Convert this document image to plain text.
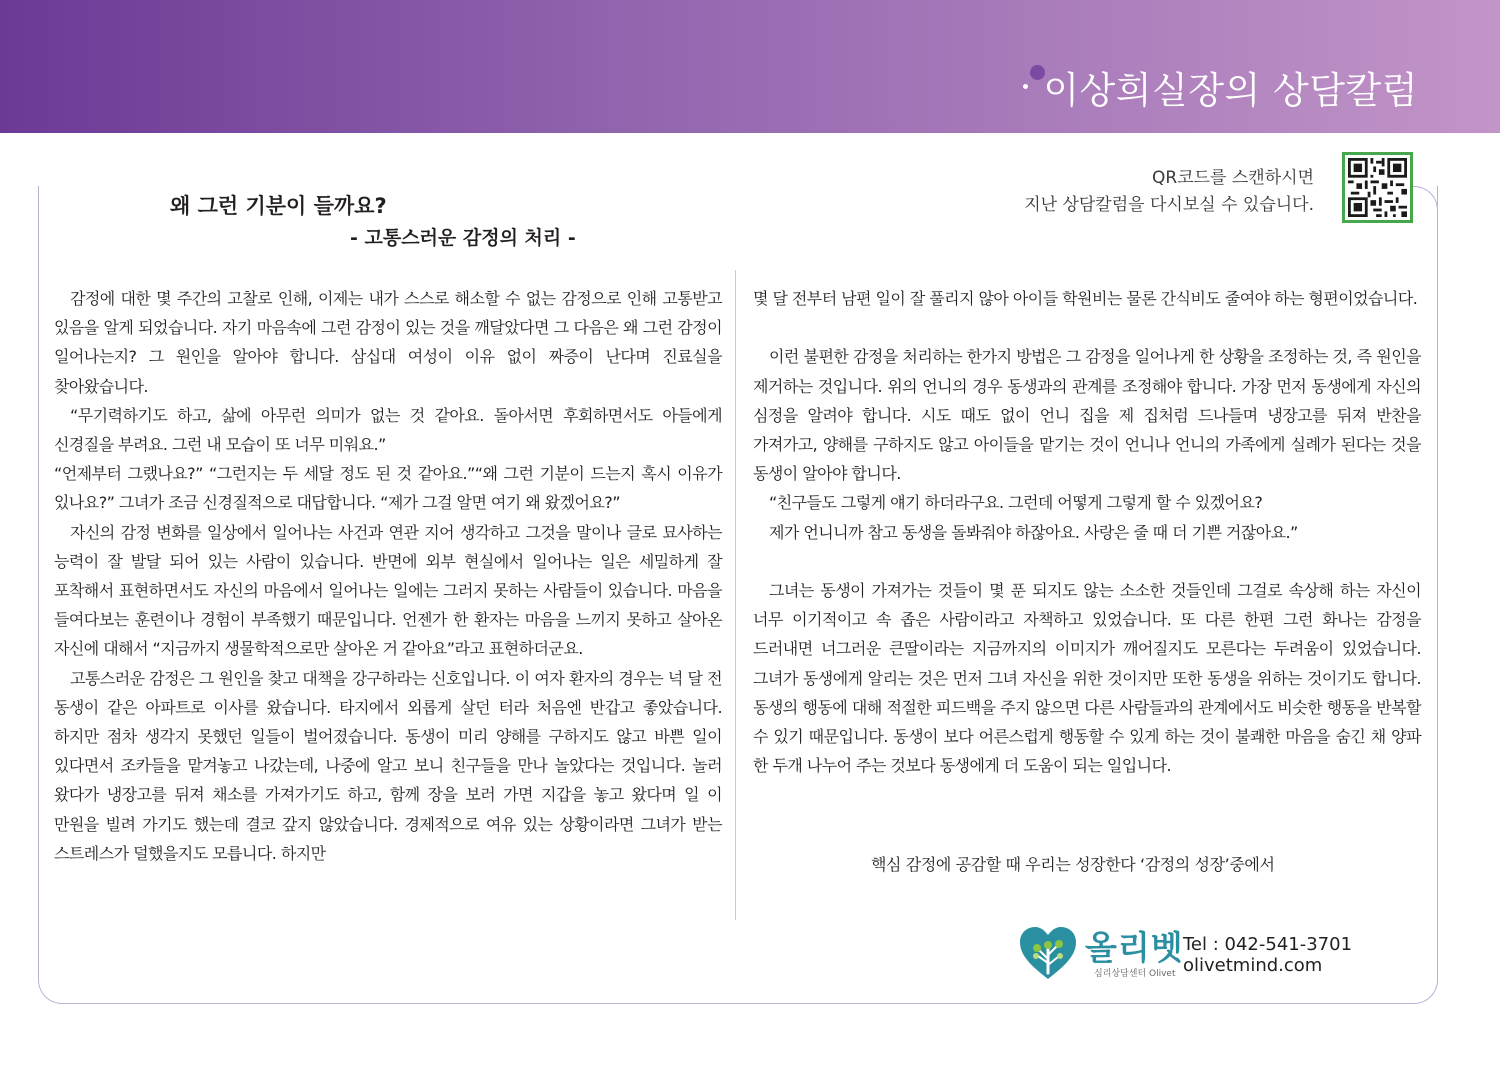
이상희실장의 상담칼럼
QR코드를 스캔하시면
지난 상담칼럼을 다시보실 수 있습니다.
왜 그런 기분이 들까요?
- 고통스러운 감정의 처리 -

감정에 대한 몇 주간의 고찰로 인해, 이제는 내가 스스로 해소할 수 없는 감정으로 인해 고통받고 있음을 알게 되었습니다. 자기 마음속에 그런 감정이 있는 것을 깨달았다면 그 다음은 왜 그런 감정이 일어나는지? 그 원인을 알아야 합니다. 삼십대 여성이 이유 없이 짜증이 난다며 진료실을 찾아왔습니다.

“무기력하기도 하고, 삶에 아무런 의미가 없는 것 같아요. 돌아서면 후회하면서도 아들에게 신경질을 부려요. 그런 내 모습이 또 너무 미워요.”

“언제부터 그랬나요?” “그런지는 두 세달 정도 된 것 같아요.”“왜 그런 기분이 드는지 혹시 이유가 있나요?” 그녀가 조금 신경질적으로 대답합니다. “제가 그걸 알면 여기 왜 왔겠어요?”

자신의 감정 변화를 일상에서 일어나는 사건과 연관 지어 생각하고 그것을 말이나 글로 묘사하는 능력이 잘 발달 되어 있는 사람이 있습니다. 반면에 외부 현실에서 일어나는 일은 세밀하게 잘 포착해서 표현하면서도 자신의 마음에서 일어나는 일에는 그러지 못하는 사람들이 있습니다. 마음을 들여다보는 훈련이나 경험이 부족했기 때문입니다. 언젠가 한 환자는 마음을 느끼지 못하고 살아온 자신에 대해서 “지금까지 생물학적으로만 살아온 거 같아요”라고 표현하더군요.

고통스러운 감정은 그 원인을 찾고 대책을 강구하라는 신호입니다. 이 여자 환자의 경우는 넉 달 전 동생이 같은 아파트로 이사를 왔습니다. 타지에서 외롭게 살던 터라 처음엔 반갑고 좋았습니다. 하지만 점차 생각지 못했던 일들이 벌어졌습니다. 동생이 미리 양해를 구하지도 않고 바쁜 일이 있다면서 조카들을 맡겨놓고 나갔는데, 나중에 알고 보니 친구들을 만나 놀았다는 것입니다. 놀러 왔다가 냉장고를 뒤져 채소를 가져가기도 하고, 함께 장을 보러 가면 지갑을 놓고 왔다며 일 이 만원을 빌려 가기도 했는데 결코 갚지 않았습니다. 경제적으로 여유 있는 상황이라면 그녀가 받는 스트레스가 덜했을지도 모릅니다. 하지만

몇 달 전부터 남편 일이 잘 풀리지 않아 아이들 학원비는 물론 간식비도 줄여야 하는 형편이었습니다.

이런 불편한 감정을 처리하는 한가지 방법은 그 감정을 일어나게 한 상황을 조정하는 것, 즉 원인을 제거하는 것입니다. 위의 언니의 경우 동생과의 관계를 조정해야 합니다. 가장 먼저 동생에게 자신의 심정을 알려야 합니다. 시도 때도 없이 언니 집을 제 집처럼 드나들며 냉장고를 뒤져 반찬을 가져가고, 양해를 구하지도 않고 아이들을 맡기는 것이 언니나 언니의 가족에게 실례가 된다는 것을 동생이 알아야 합니다.

“친구들도 그렇게 얘기 하더라구요. 그런데 어떻게 그렇게 할 수 있겠어요?

제가 언니니까 참고 동생을 돌봐줘야 하잖아요. 사랑은 줄 때 더 기쁜 거잖아요.”

그녀는 동생이 가져가는 것들이 몇 푼 되지도 않는 소소한 것들인데 그걸로 속상해 하는 자신이 너무 이기적이고 속 좁은 사람이라고 자책하고 있었습니다. 또 다른 한편 그런 화나는 감정을 드러내면 너그러운 큰딸이라는 지금까지의 이미지가 깨어질지도 모른다는 두려움이 있었습니다. 그녀가 동생에게 알리는 것은 먼저 그녀 자신을 위한 것이지만 또한 동생을 위하는 것이기도 합니다. 동생의 행동에 대해 적절한 피드백을 주지 않으면 다른 사람들과의 관계에서도 비슷한 행동을 반복할 수 있기 때문입니다. 동생이 보다 어른스럽게 행동할 수 있게 하는 것이 불쾌한 마음을 숨긴 채 양파 한 두개 나누어 주는 것보다 동생에게 더 도움이 되는 일입니다.

핵심 감정에 공감할 때 우리는 성장한다 ‘감정의 성장’중에서
올리벳
심리상담센터 Olivet
Tel : 042-541-3701
olivetmind.com
